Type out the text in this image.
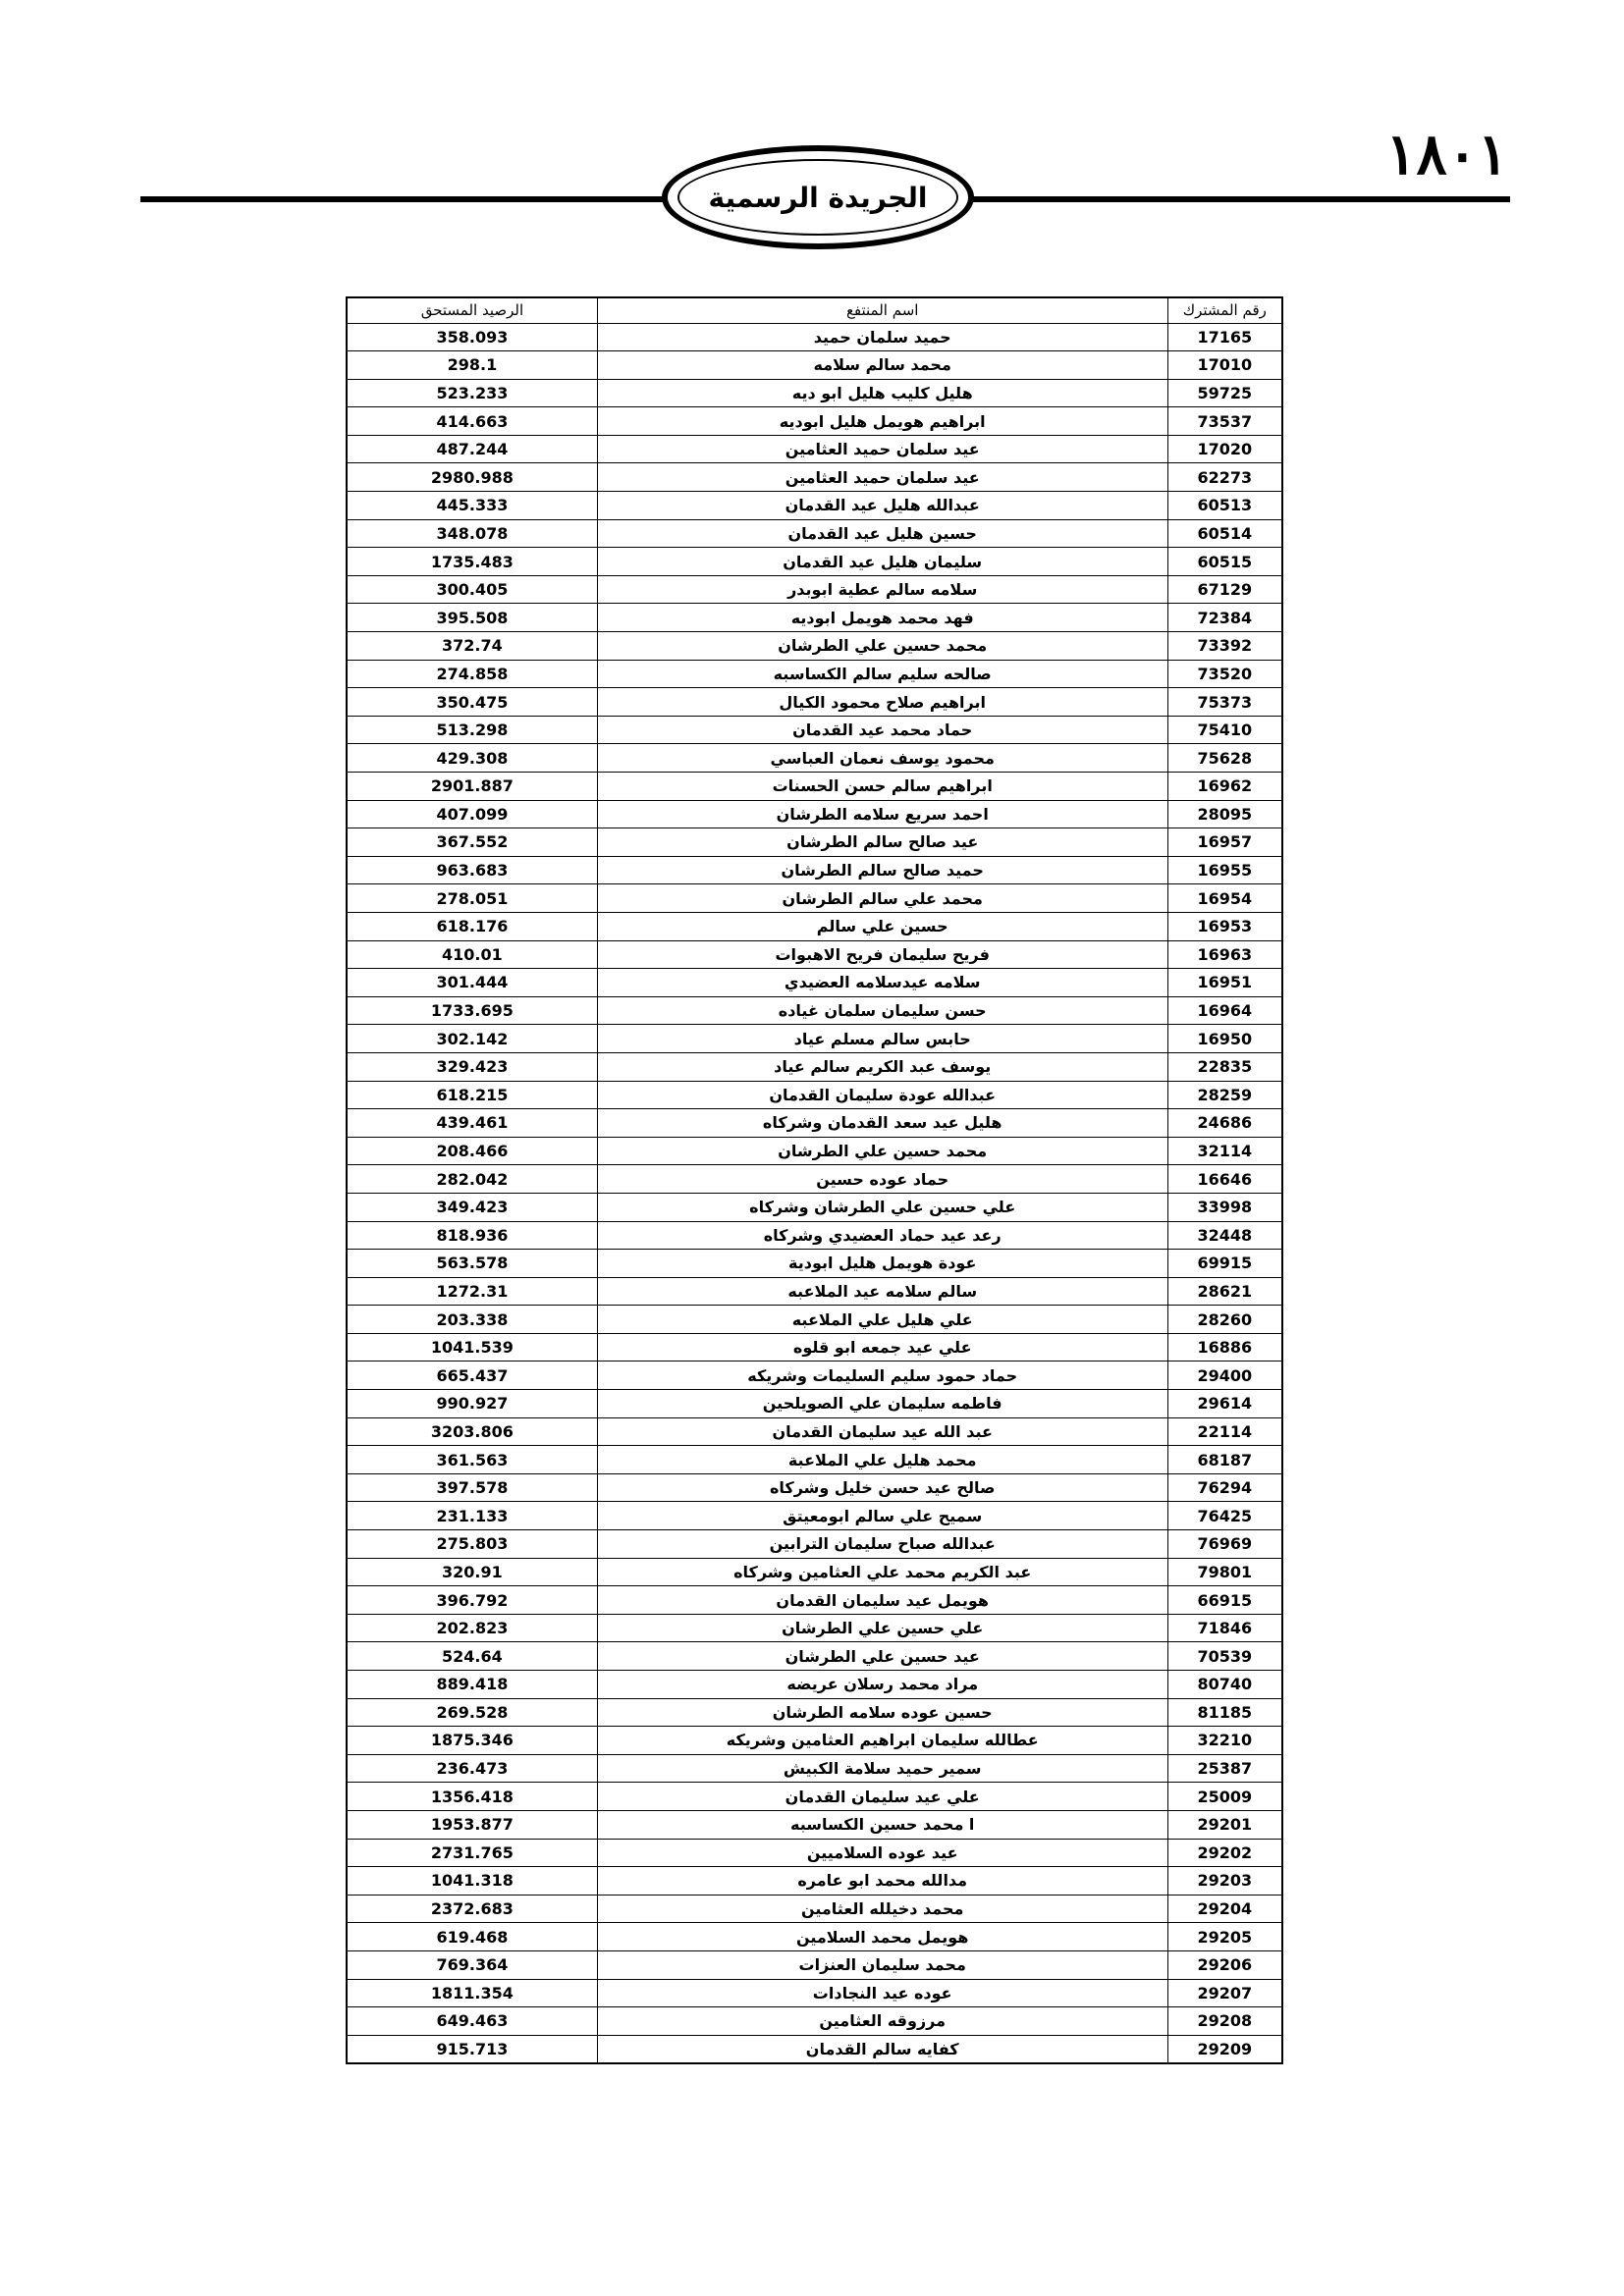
١٨٠١
الجريدة الرسمية
الرصيد المستحق	اسم المنتفع	رقم المشترك
358.093	حميد سلمان حميد	17165
298.1	محمد سالم سلامه	17010
523.233	هليل كليب هليل ابو ديه	59725
414.663	ابراهيم هويمل هليل ابوديه	73537
487.244	عيد سلمان حميد العثامين	17020
2980.988	عيد سلمان حميد العثامين	62273
445.333	عبدالله هليل عيد القدمان	60513
348.078	حسين هليل عيد القدمان	60514
1735.483	سليمان هليل عيد القدمان	60515
300.405	سلامه سالم عطية ابوبدر	67129
395.508	فهد محمد هويمل ابوديه	72384
372.74	محمد حسين علي الطرشان	73392
274.858	صالحه سليم سالم الكساسبه	73520
350.475	ابراهيم صلاح محمود الكيال	75373
513.298	حماد محمد عيد القدمان	75410
429.308	محمود يوسف نعمان العباسي	75628
2901.887	ابراهيم سالم حسن الحسنات	16962
407.099	احمد سريع سلامه الطرشان	28095
367.552	عيد صالح سالم الطرشان	16957
963.683	حميد صالح سالم الطرشان	16955
278.051	محمد علي سالم الطرشان	16954
618.176	حسين علي سالم	16953
410.01	فريح سليمان فريح الاهبوات	16963
301.444	سلامه عيدسلامه العضيدي	16951
1733.695	حسن سليمان سلمان غياده	16964
302.142	حابس سالم مسلم عياد	16950
329.423	يوسف عبد الكريم سالم عياد	22835
618.215	عبدالله عودة سليمان القدمان	28259
439.461	هليل عيد سعد القدمان وشركاه	24686
208.466	محمد حسين علي الطرشان	32114
282.042	حماد عوده حسين	16646
349.423	علي حسين علي الطرشان وشركاه	33998
818.936	رعد عيد حماد العضيدي وشركاه	32448
563.578	عودة هويمل هليل ابودية	69915
1272.31	سالم سلامه عيد الملاعبه	28621
203.338	علي هليل علي الملاعبه	28260
1041.539	علي عيد جمعه ابو قلوه	16886
665.437	حماد حمود سليم السليمات وشريكه	29400
990.927	فاطمه سليمان علي الصويلحين	29614
3203.806	عبد الله عيد سليمان القدمان	22114
361.563	محمد هليل علي الملاعبة	68187
397.578	صالح عيد حسن خليل وشركاه	76294
231.133	سميح علي سالم ابومعيتق	76425
275.803	عبدالله صباح سليمان الترابين	76969
320.91	عبد الكريم محمد علي العثامين وشركاه	79801
396.792	هويمل عيد سليمان القدمان	66915
202.823	علي حسين علي الطرشان	71846
524.64	عيد حسين علي الطرشان	70539
889.418	مراد محمد رسلان عريضه	80740
269.528	حسين عوده سلامه الطرشان	81185
1875.346	عطالله سليمان ابراهيم العثامين وشريكه	32210
236.473	سمير حميد سلامة الكبيش	25387
1356.418	علي عيد سليمان القدمان	25009
1953.877	ا محمد حسين الكساسبه	29201
2731.765	عيد عوده السلاميين	29202
1041.318	مدالله محمد ابو عامره	29203
2372.683	محمد دخيلله العثامين	29204
619.468	هويمل محمد السلامين	29205
769.364	محمد سليمان العنزات	29206
1811.354	عوده عيد النجادات	29207
649.463	مرزوقه العثامين	29208
915.713	كفايه سالم القدمان	29209
